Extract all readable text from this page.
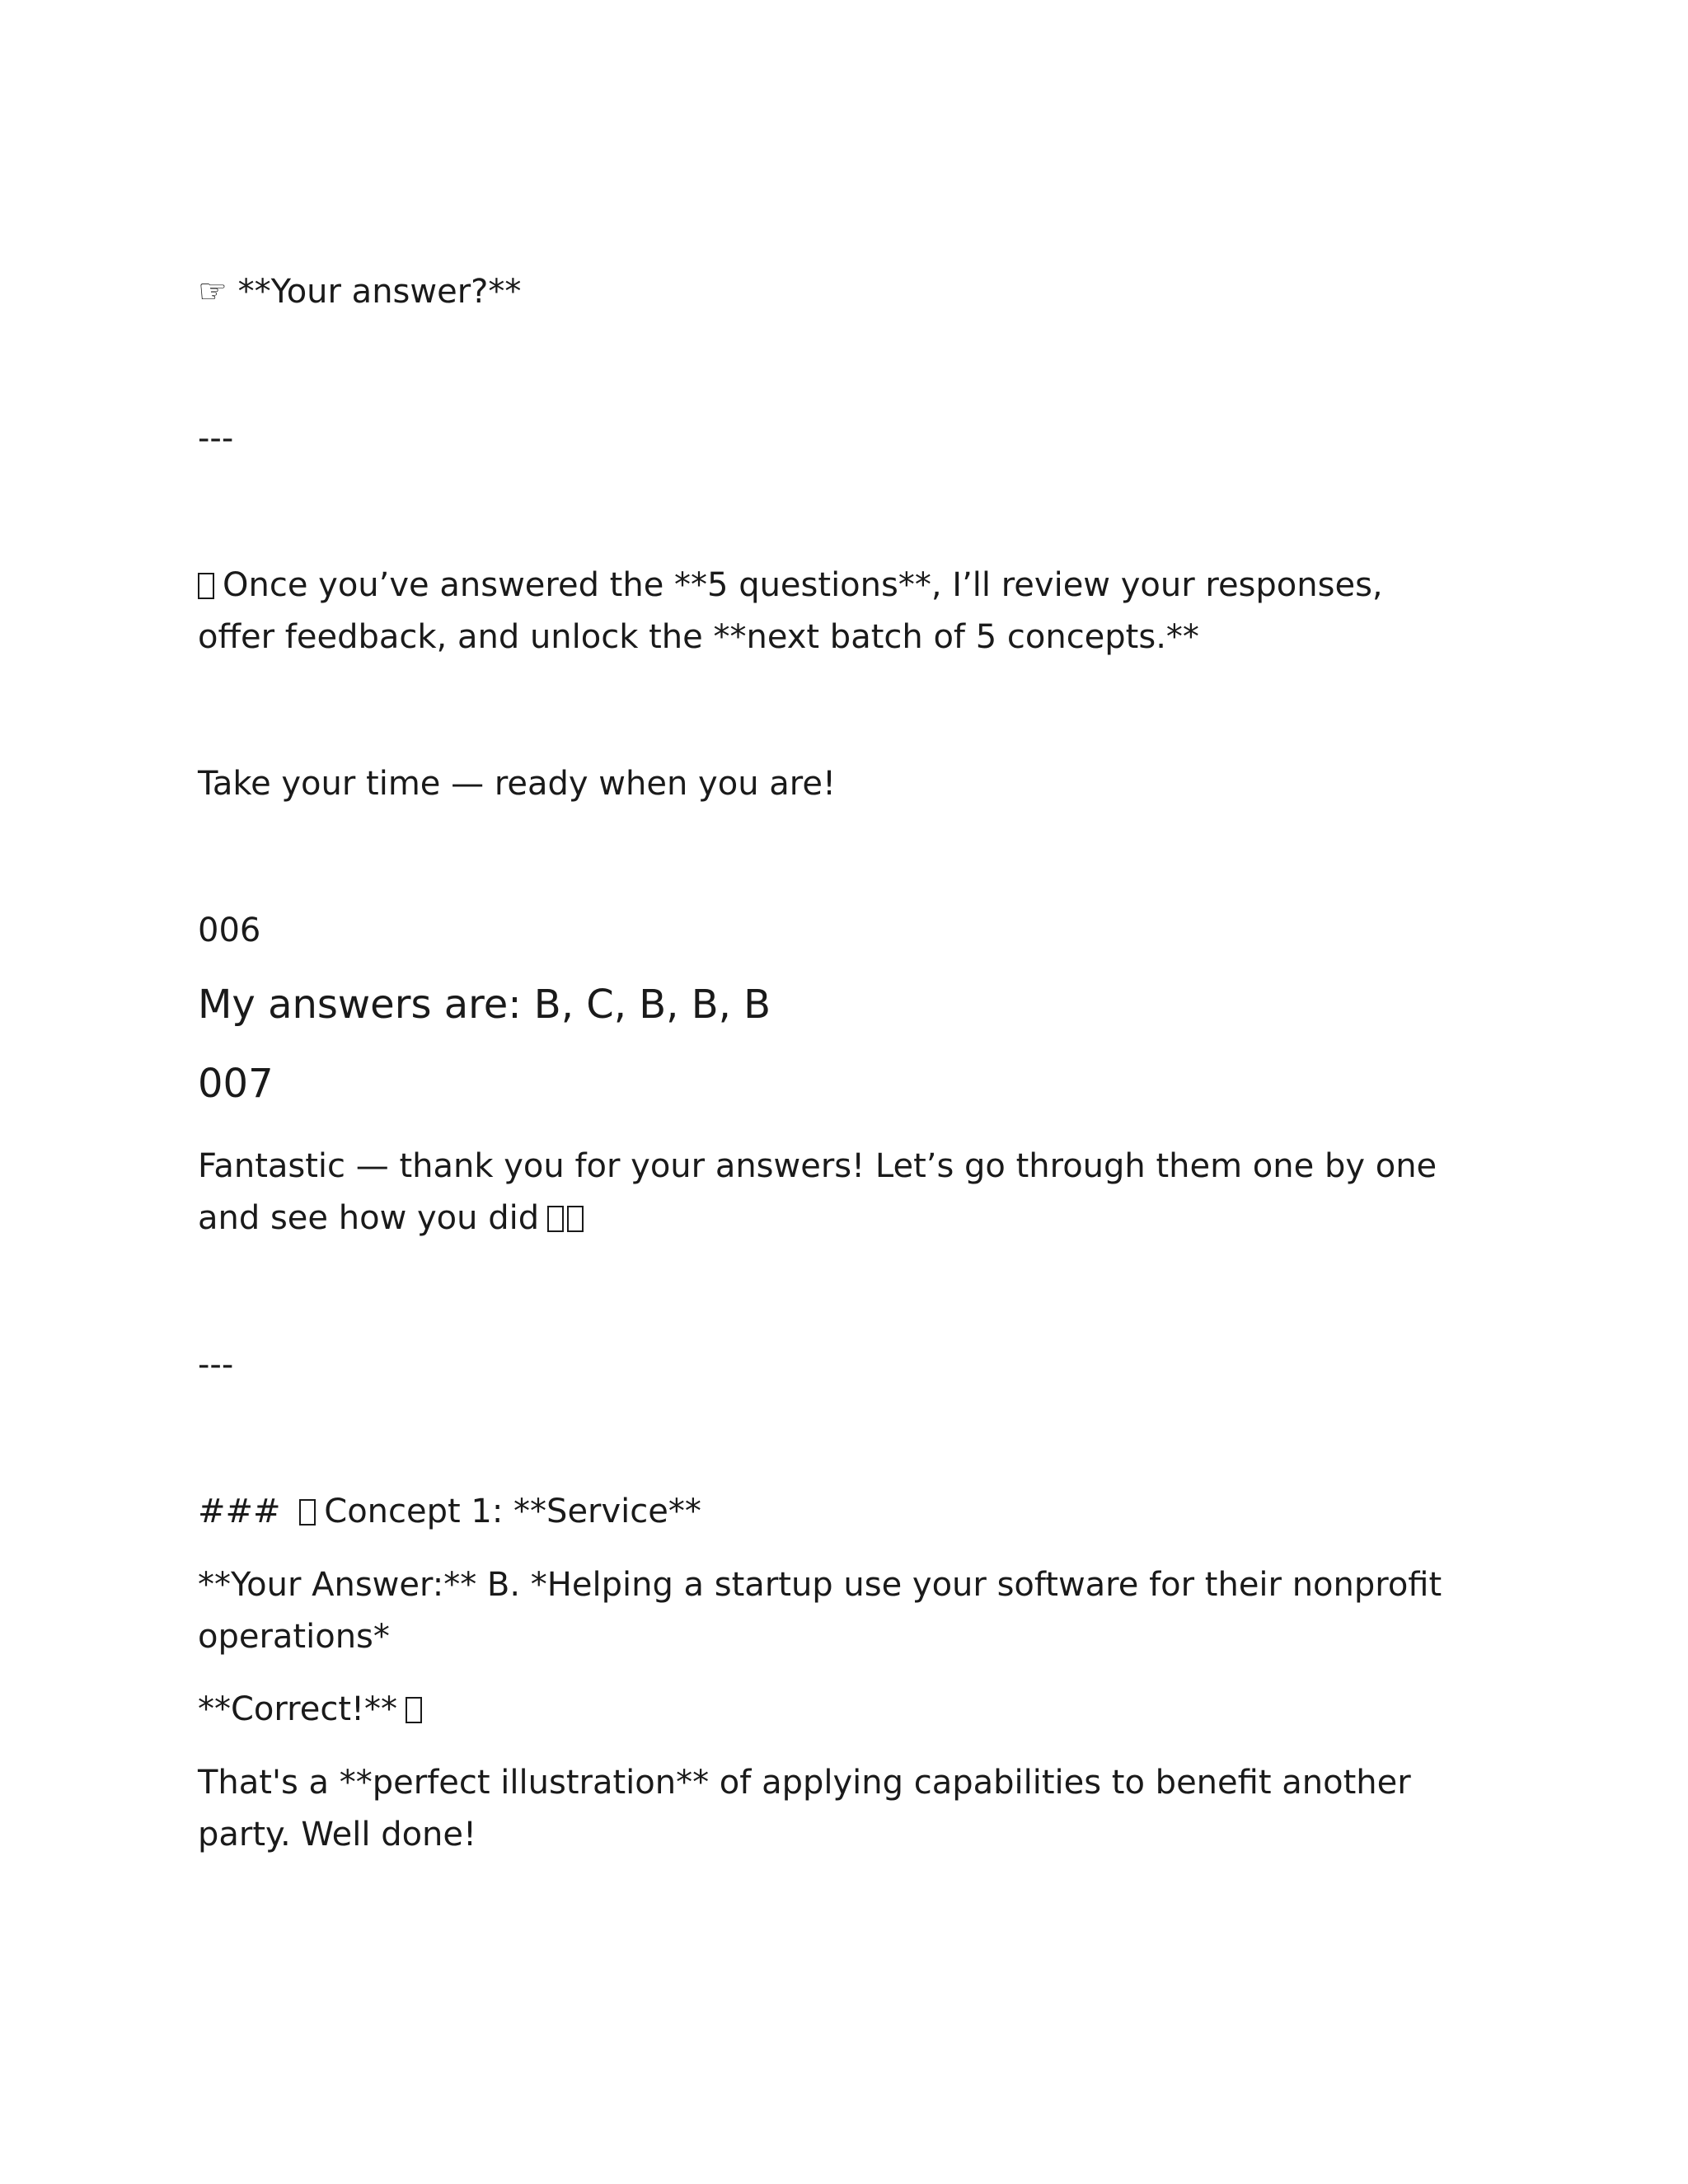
☞ **Your answer?**

---

Once you’ve answered the **5 questions**, I’ll review your responses, offer feedback, and unlock the **next batch of 5 concepts.**

Take your time — ready when you are!

006

My answers are: B, C, B, B, B

007

Fantastic — thank you for your answers! Let’s go through them one by one and see how you did

---

### Concept 1: **Service**

**Your Answer:** B. *Helping a startup use your software for their nonprofit operations*

**Correct!**

That's a **perfect illustration** of applying capabilities to benefit another party. Well done!
